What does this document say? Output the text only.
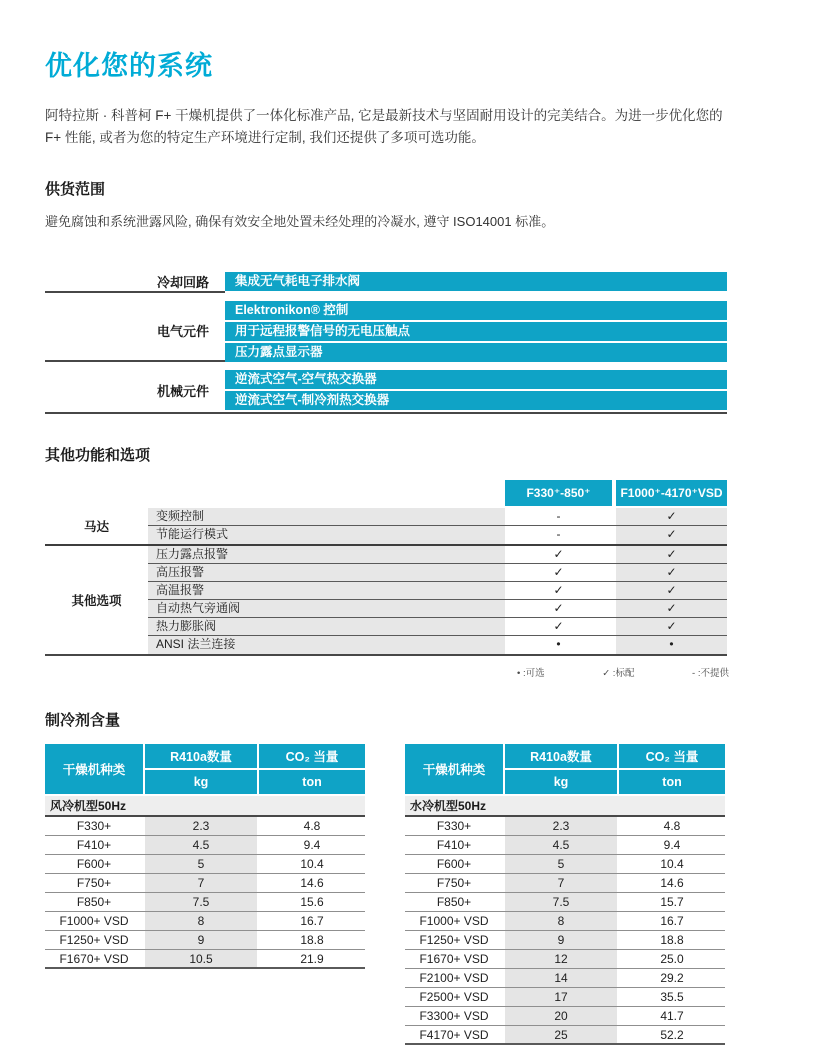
优化您的系统

阿特拉斯 · 科普柯 F+ 干燥机提供了一体化标准产品, 它是最新技术与坚固耐用设计的完美结合。为进一步优化您的 F+ 性能, 或者为您的特定生产环境进行定制, 我们还提供了多项可选功能。

供货范围

避免腐蚀和系统泄露风险, 确保有效安全地处置未经处理的冷凝水, 遵守 ISO14001 标准。

冷却回路	集成无气耗电子排水阀
电气元件
Elektronikon® 控制
用于远程报警信号的无电压触点
压力露点显示器
机械元件
逆流式空气-空气热交换器
逆流式空气-制冷剂热交换器
其他功能和选项
F330⁺-850⁺	F1000⁺-4170⁺VSD
马达
变频控制	-	✓
节能运行模式	-	✓
其他选项
压力露点报警	✓	✓
高压报警	✓	✓
高温报警	✓	✓
自动热气旁通阀	✓	✓
热力膨胀阀	✓	✓
ANSI 法兰连接	•	•
• :可选	✓ :标配	- :不提供
制冷剂含量
干燥机种类
R410a数量
kg
CO₂ 当量
ton
风冷机型50Hz
F330+	2.3	4.8
F410+	4.5	9.4
F600+	5	10.4
F750+	7	14.6
F850+	7.5	15.6
F1000+ VSD	8	16.7
F1250+ VSD	9	18.8
F1670+ VSD	10.5	21.9
干燥机种类
R410a数量
kg
CO₂ 当量
ton
水冷机型50Hz
F330+	2.3	4.8
F410+	4.5	9.4
F600+	5	10.4
F750+	7	14.6
F850+	7.5	15.7
F1000+ VSD	8	16.7
F1250+ VSD	9	18.8
F1670+ VSD	12	25.0
F2100+ VSD	14	29.2
F2500+ VSD	17	35.5
F3300+ VSD	20	41.7
F4170+ VSD	25	52.2
